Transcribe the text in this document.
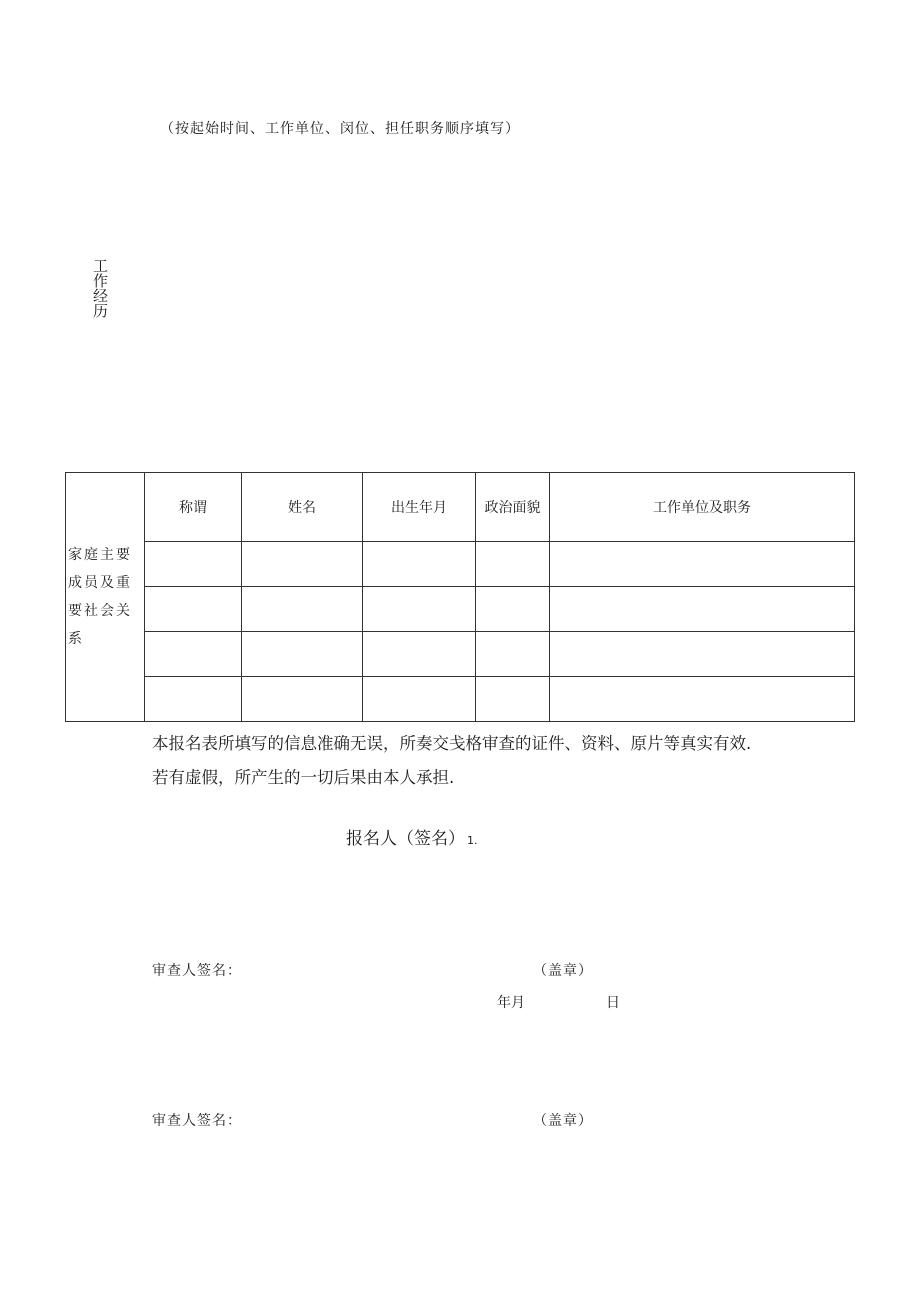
（按起始时间、工作单位、闵位、担任职务顺序填写）
工作经历
家庭主要成员及重要社会关系	称谓	姓名	出生年月	政治面貌	工作单位及职务

本报名表所填写的信息准确无误，所奏交戋格审查的证件、资料、原片等真实有效.
若有虚假，所产生的一切后果由本人承担.
报名人（签名） 1.
审查人签名：	（盖章）
年月	日
审查人签名：	（盖章）
